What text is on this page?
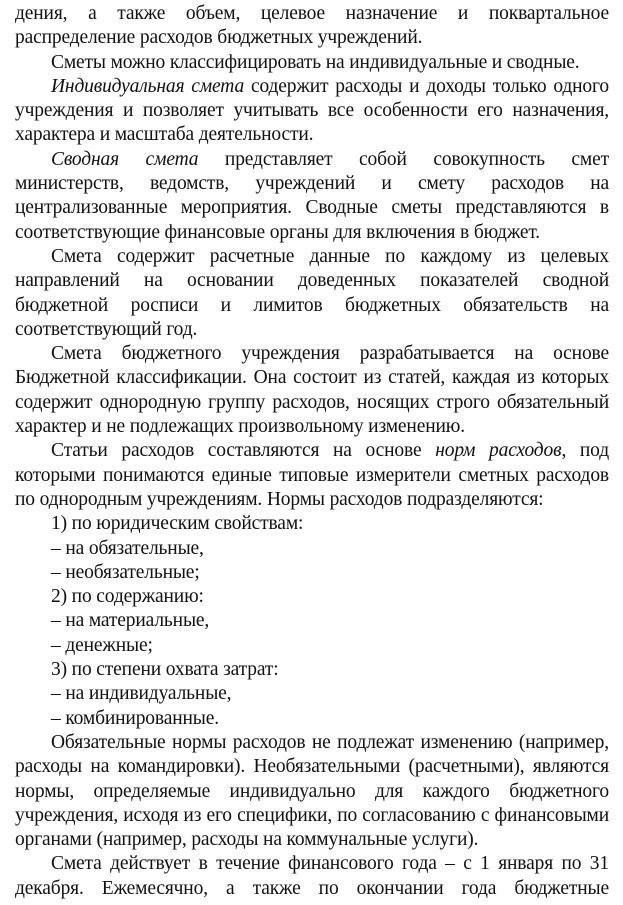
дения, а также объем, целевое назначение и поквартальное распределение расходов бюджетных учреждений.

Сметы можно классифицировать на индивидуальные и сводные.

Индивидуальная смета содержит расходы и доходы только одного учреждения и позволяет учитывать все особенности его назначения, характера и масштаба деятельности.

Сводная смета представляет собой совокупность смет министерств, ведомств, учреждений и смету расходов на централизованные мероприятия. Сводные сметы представляются в соответствующие финансовые органы для включения в бюджет.

Смета содержит расчетные данные по каждому из целевых направлений на основании доведенных показателей сводной бюджетной росписи и лимитов бюджетных обязательств на соответствующий год.

Смета бюджетного учреждения разрабатывается на основе Бюджетной классификации. Она состоит из статей, каждая из которых содержит однородную группу расходов, носящих строго обязательный характер и не подлежащих произвольному изменению.

Статьи расходов составляются на основе норм расходов, под которыми понимаются единые типовые измерители сметных расходов по однородным учреждениям. Нормы расходов подразделяются:

1) по юридическим свойствам:

– на обязательные,

– необязательные;

2) по содержанию:

– на материальные,

– денежные;

3) по степени охвата затрат:

– на индивидуальные,

– комбинированные.

Обязательные нормы расходов не подлежат изменению (например, расходы на командировки). Необязательными (расчетными), являются нормы, определяемые индивидуально для каждого бюджетного учреждения, исходя из его специфики, по согласованию с финансовыми органами (например, расходы на коммунальные услуги).

Смета действует в течение финансового года – с 1 января по 31 декабря. Ежемесячно, а также по окончании года бюджетные
